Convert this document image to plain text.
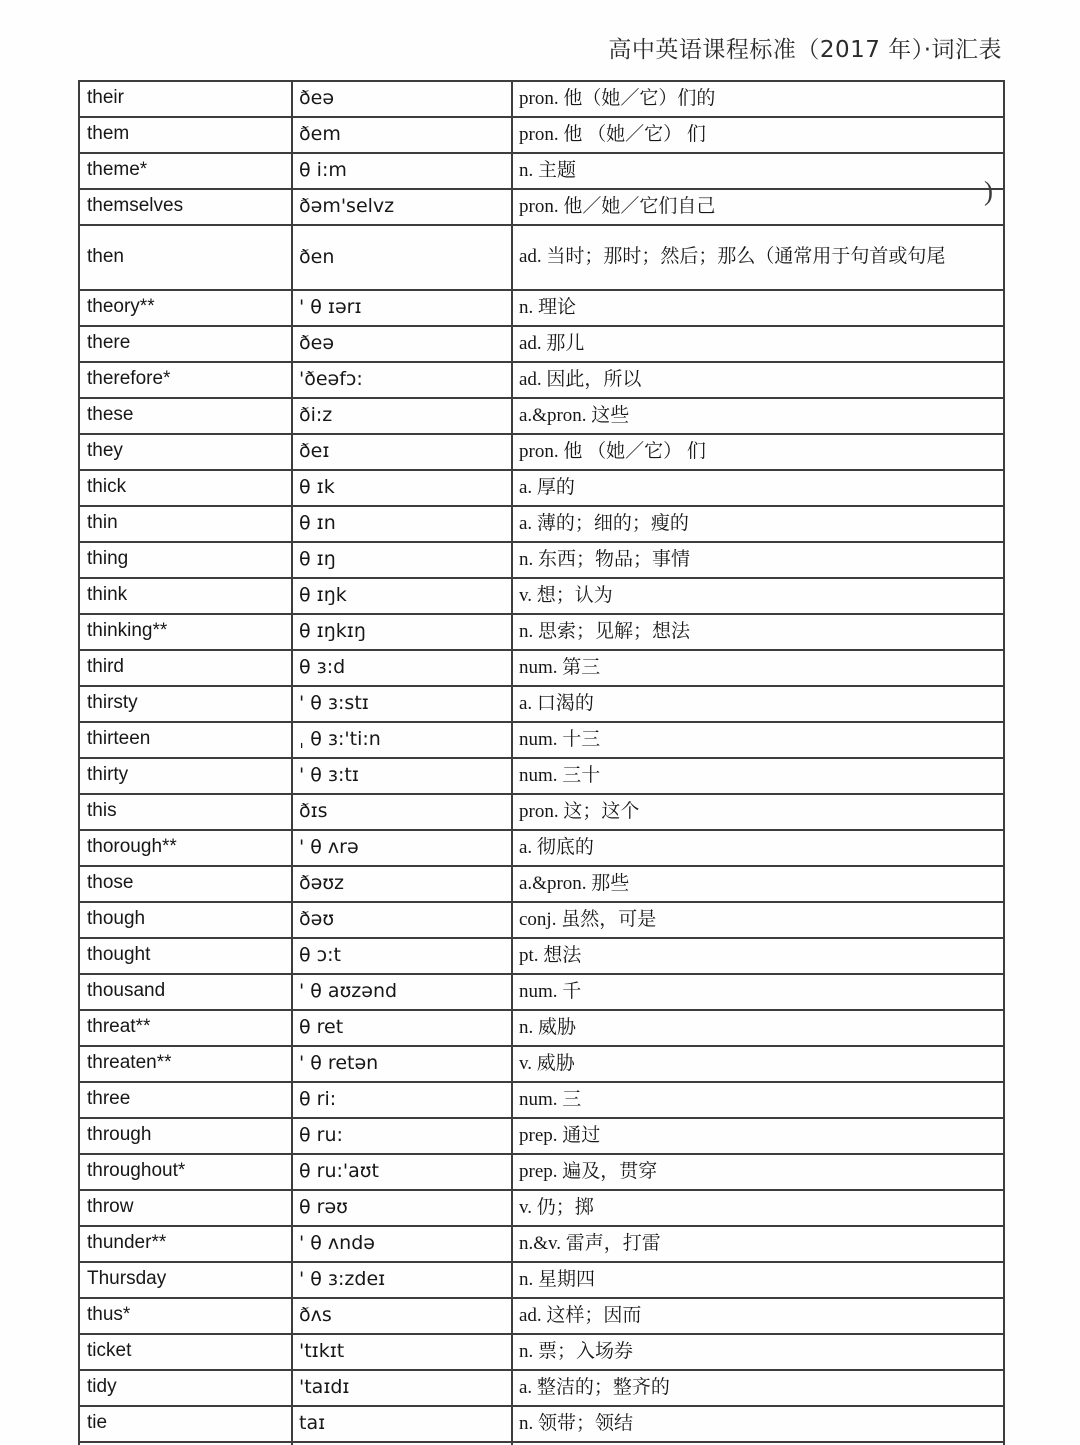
高中英语课程标准（2017 年）·词汇表
)
their	ðeə	pron. 他（她／它）们的
them	ðem	pron. 他 （她／它） 们
theme*	θ i:m	n. 主题
themselves	ðəm'selvz	pron. 他／她／它们自己
then	ðen	ad. 当时；那时；然后；那么（通常用于句首或句尾
theory**	' θ ɪərɪ	n. 理论
there	ðeə	ad. 那儿
therefore*	'ðeəfɔ:	ad. 因此，所以
these	ði:z	a.&pron. 这些
they	ðeɪ	pron. 他 （她／它） 们
thick	θ ɪk	a. 厚的
thin	θ ɪn	a. 薄的；细的；瘦的
thing	θ ɪŋ	n. 东西；物品；事情
think	θ ɪŋk	v. 想；认为
thinking**	θ ɪŋkɪŋ	n. 思索；见解；想法
third	θ ɜ:d	num. 第三
thirsty	' θ ɜ:stɪ	a. 口渴的
thirteen	ˌ θ ɜ:'ti:n	num. 十三
thirty	' θ ɜ:tɪ	num. 三十
this	ðɪs	pron. 这；这个
thorough**	' θ ʌrə	a. 彻底的
those	ðəʊz	a.&pron. 那些
though	ðəʊ	conj. 虽然，可是
thought	θ ɔ:t	pt. 想法
thousand	' θ aʊzənd	num. 千
threat**	θ ret	n. 威胁
threaten**	' θ retən	v. 威胁
three	θ ri:	num. 三
through	θ ru:	prep. 通过
throughout*	θ ru:'aʊt	prep. 遍及，贯穿
throw	θ rəʊ	v. 仍；掷
thunder**	' θ ʌndə	n.&v. 雷声，打雷
Thursday	' θ ɜ:zdeɪ	n. 星期四
thus*	ðʌs	ad. 这样；因而
ticket	'tɪkɪt	n. 票；入场券
tidy	'taɪdɪ	a. 整洁的；整齐的
tie	taɪ	n. 领带；领结
